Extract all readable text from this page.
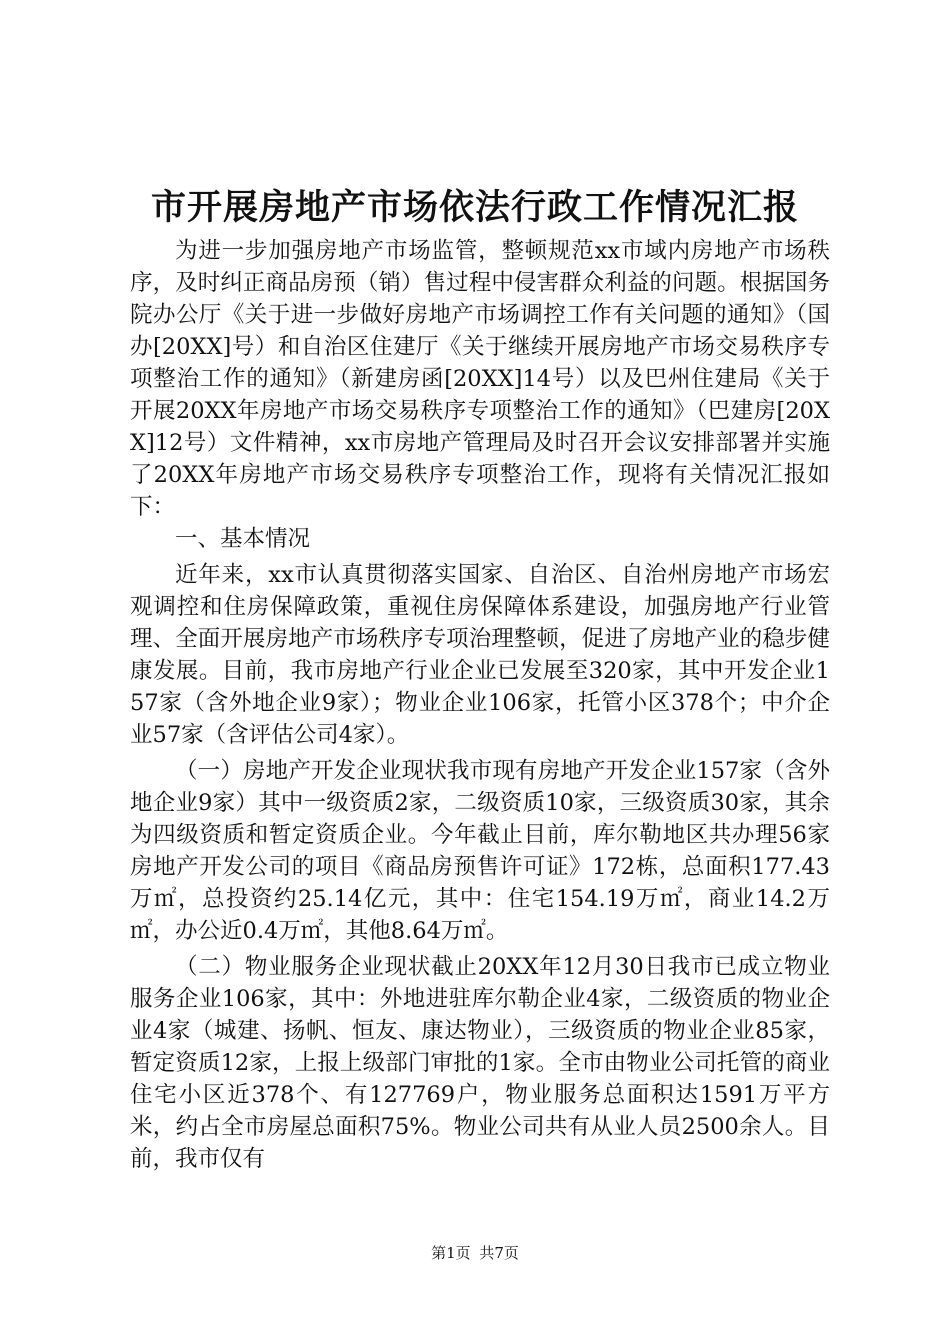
市开展房地产市场依法行政工作情况汇报

为进一步加强房地产市场监管，整顿规范xx市域内房地产市场秩序，及时纠正商品房预（销）售过程中侵害群众利益的问题。根据国务院办公厅《关于进一步做好房地产市场调控工作有关问题的通知》（国办[20XX]号）和自治区住建厅《关于继续开展房地产市场交易秩序专项整治工作的通知》（新建房函[20XX]14号）以及巴州住建局《关于开展20XX年房地产市场交易秩序专项整治工作的通知》（巴建房[20XX]12号）文件精神，xx市房地产管理局及时召开会议安排部署并实施了20XX年房地产市场交易秩序专项整治工作，现将有关情况汇报如下：

一、基本情况

近年来，xx市认真贯彻落实国家、自治区、自治州房地产市场宏观调控和住房保障政策，重视住房保障体系建设，加强房地产行业管理、全面开展房地产市场秩序专项治理整顿，促进了房地产业的稳步健康发展。目前，我市房地产行业企业已发展至320家，其中开发企业157家（含外地企业9家）；物业企业106家，托管小区378个；中介企业57家（含评估公司4家）。

（一）房地产开发企业现状我市现有房地产开发企业157家（含外地企业9家）其中一级资质2家，二级资质10家，三级资质30家，其余为四级资质和暂定资质企业。今年截止目前，库尔勒地区共办理56家房地产开发公司的项目《商品房预售许可证》172栋，总面积177.43万㎡，总投资约25.14亿元，其中：住宅154.19万㎡，商业14.2万㎡，办公近0.4万㎡，其他8.64万㎡。

（二）物业服务企业现状截止20XX年12月30日我市已成立物业服务企业106家，其中：外地进驻库尔勒企业4家，二级资质的物业企业4家（城建、扬帆、恒友、康达物业），三级资质的物业企业85家，暂定资质12家，上报上级部门审批的1家。全市由物业公司托管的商业住宅小区近378个、有127769户，物业服务总面积达1591万平方米，约占全市房屋总面积75%。物业公司共有从业人员2500余人。目前，我市仅有

第1页 共7页
